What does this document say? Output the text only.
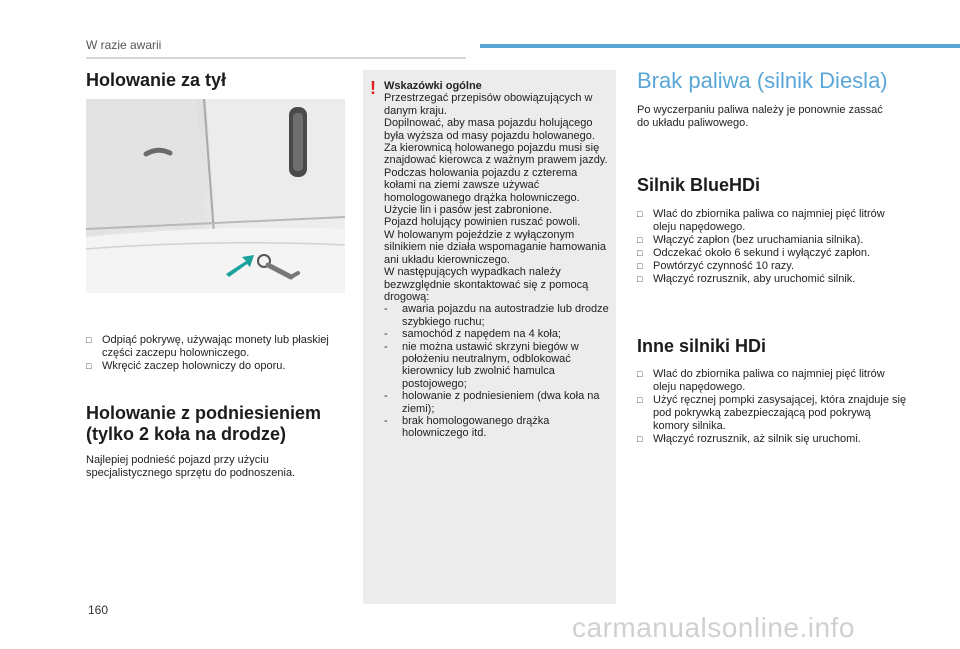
W razie awarii
Holowanie za tył
□ Odpiąć pokrywę, używając monety lub płaskiej części zaczepu holowniczego.
□ Wkręcić zaczep holowniczy do oporu.
Holowanie z podniesieniem
(tylko 2 koła na drodze)
Najlepiej podnieść pojazd przy użyciu specjalistycznego sprzętu do podnoszenia.
! Wskazówki ogólne
Przestrzegać przepisów obowiązujących w danym kraju.
Dopilnować, aby masa pojazdu holującego była wyższa od masy pojazdu holowanego.
Za kierownicą holowanego pojazdu musi się znajdować kierowca z ważnym prawem jazdy.
Podczas holowania pojazdu z czterema kołami na ziemi zawsze używać homologowanego drążka holowniczego.
Użycie lin i pasów jest zabronione.
Pojazd holujący powinien ruszać powoli.
W holowanym pojeździe z wyłączonym silnikiem nie działa wspomaganie hamowania ani układu kierowniczego.
W następujących wypadkach należy bezwzględnie skontaktować się z pomocą drogową:
- awaria pojazdu na autostradzie lub drodze szybkiego ruchu;
- samochód z napędem na 4 koła;
- nie można ustawić skrzyni biegów w położeniu neutralnym, odblokować kierownicy lub zwolnić hamulca postojowego;
- holowanie z podniesieniem (dwa koła na ziemi);
- brak homologowanego drążka holowniczego itd.
Brak paliwa (silnik Diesla)
Po wyczerpaniu paliwa należy je ponownie zassać do układu paliwowego.
Silnik BlueHDi
□ Wlać do zbiornika paliwa co najmniej pięć litrów oleju napędowego.
□ Włączyć zapłon (bez uruchamiania silnika).
□ Odczekać około 6 sekund i wyłączyć zapłon.
□ Powtórzyć czynność 10 razy.
□ Włączyć rozrusznik, aby uruchomić silnik.
Inne silniki HDi
□ Wlać do zbiornika paliwa co najmniej pięć litrów oleju napędowego.
□ Użyć ręcznej pompki zasysającej, która znajduje się pod pokrywką zabezpieczającą pod pokrywą komory silnika.
□ Włączyć rozrusznik, aż silnik się uruchomi.
160
carmanualsonline.info
